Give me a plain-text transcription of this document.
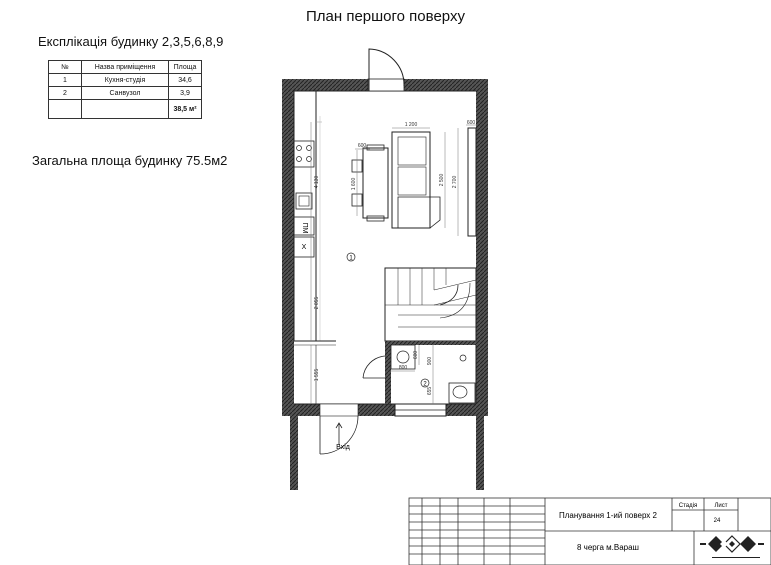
План першого поверху
Експлікація будинку 2,3,5,6,8,9
№	Назва приміщення	Площа
1	Кухня-студія	34,6
2	Санвузол	3,9
		38,5 м²
Загальна площа будинку 75.5м2
ПМ
Х
Вхід
1
2
1 200
600
600
1 600	2 500 2 700
4 130
2 055
1 555
800
600
900
655
Планування 1-ий поверх 2
Стадія	Лист
24
8 черга м.Вараш
